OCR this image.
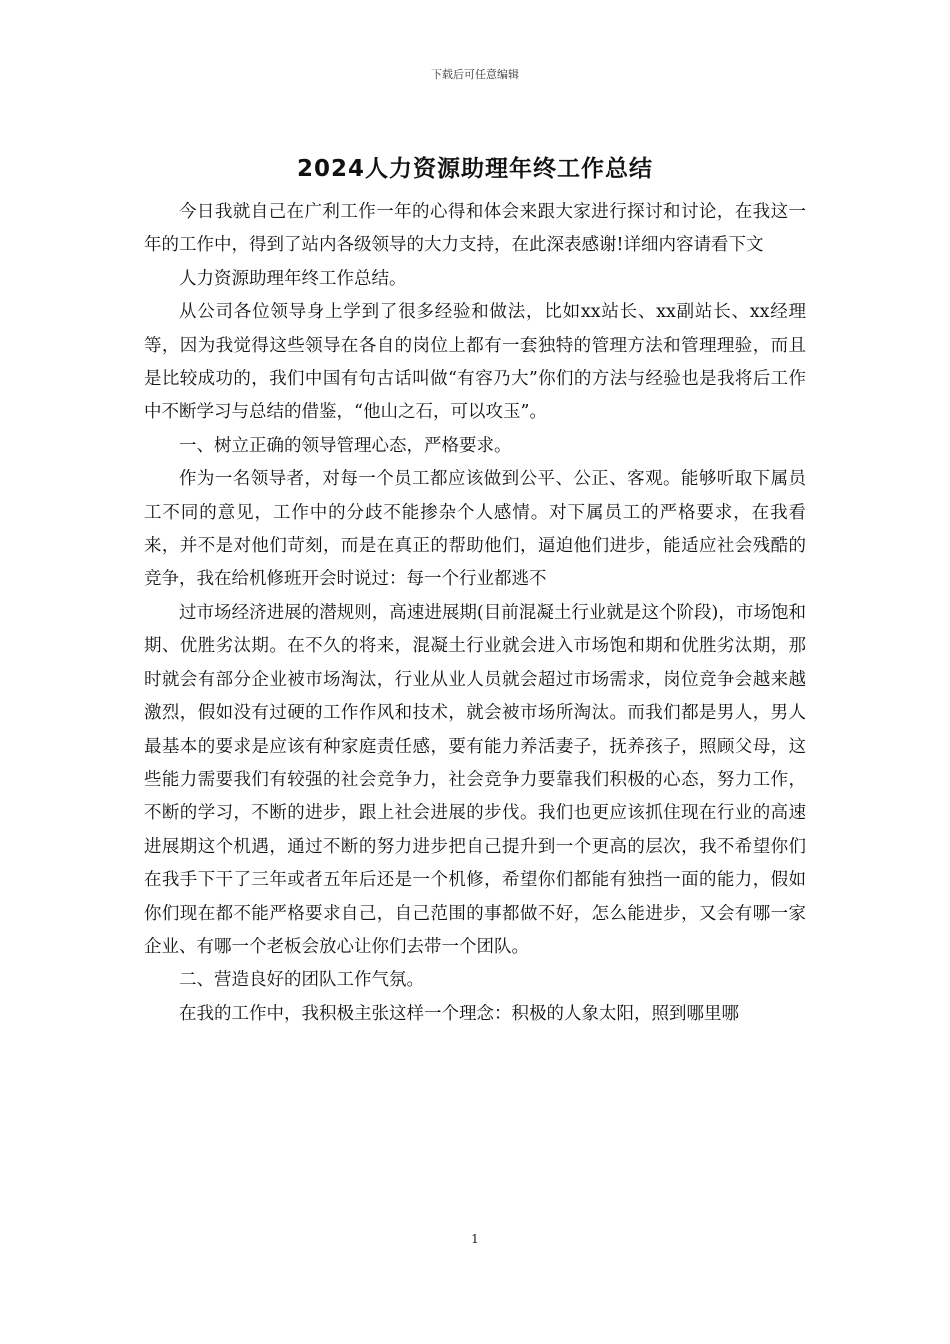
下载后可任意编辑
2024人力资源助理年终工作总结

今日我就自己在广利工作一年的心得和体会来跟大家进行探讨和讨论，在我这一年的工作中，得到了站内各级领导的大力支持，在此深表感谢!详细内容请看下文

人力资源助理年终工作总结。

从公司各位领导身上学到了很多经验和做法，比如xx站长、xx副站长、xx经理等，因为我觉得这些领导在各自的岗位上都有一套独特的管理方法和管理理验，而且是比较成功的，我们中国有句古话叫做“有容乃大”你们的方法与经验也是我将后工作中不断学习与总结的借鉴，“他山之石，可以攻玉”。

一、树立正确的领导管理心态，严格要求。

作为一名领导者，对每一个员工都应该做到公平、公正、客观。能够听取下属员工不同的意见，工作中的分歧不能掺杂个人感情。对下属员工的严格要求，在我看来，并不是对他们苛刻，而是在真正的帮助他们，逼迫他们进步，能适应社会残酷的竞争，我在给机修班开会时说过：每一个行业都逃不

过市场经济进展的潜规则，高速进展期(目前混凝土行业就是这个阶段)，市场饱和期、优胜劣汰期。在不久的将来，混凝土行业就会进入市场饱和期和优胜劣汰期，那时就会有部分企业被市场淘汰，行业从业人员就会超过市场需求，岗位竞争会越来越激烈，假如没有过硬的工作作风和技术，就会被市场所淘汰。而我们都是男人，男人最基本的要求是应该有种家庭责任感，要有能力养活妻子，抚养孩子，照顾父母，这些能力需要我们有较强的社会竞争力，社会竞争力要靠我们积极的心态，努力工作，不断的学习，不断的进步，跟上社会进展的步伐。我们也更应该抓住现在行业的高速进展期这个机遇，通过不断的努力进步把自己提升到一个更高的层次，我不希望你们在我手下干了三年或者五年后还是一个机修，希望你们都能有独挡一面的能力，假如你们现在都不能严格要求自己，自己范围的事都做不好，怎么能进步，又会有哪一家企业、有哪一个老板会放心让你们去带一个团队。

二、营造良好的团队工作气氛。

在我的工作中，我积极主张这样一个理念：积极的人象太阳，照到哪里哪

1
